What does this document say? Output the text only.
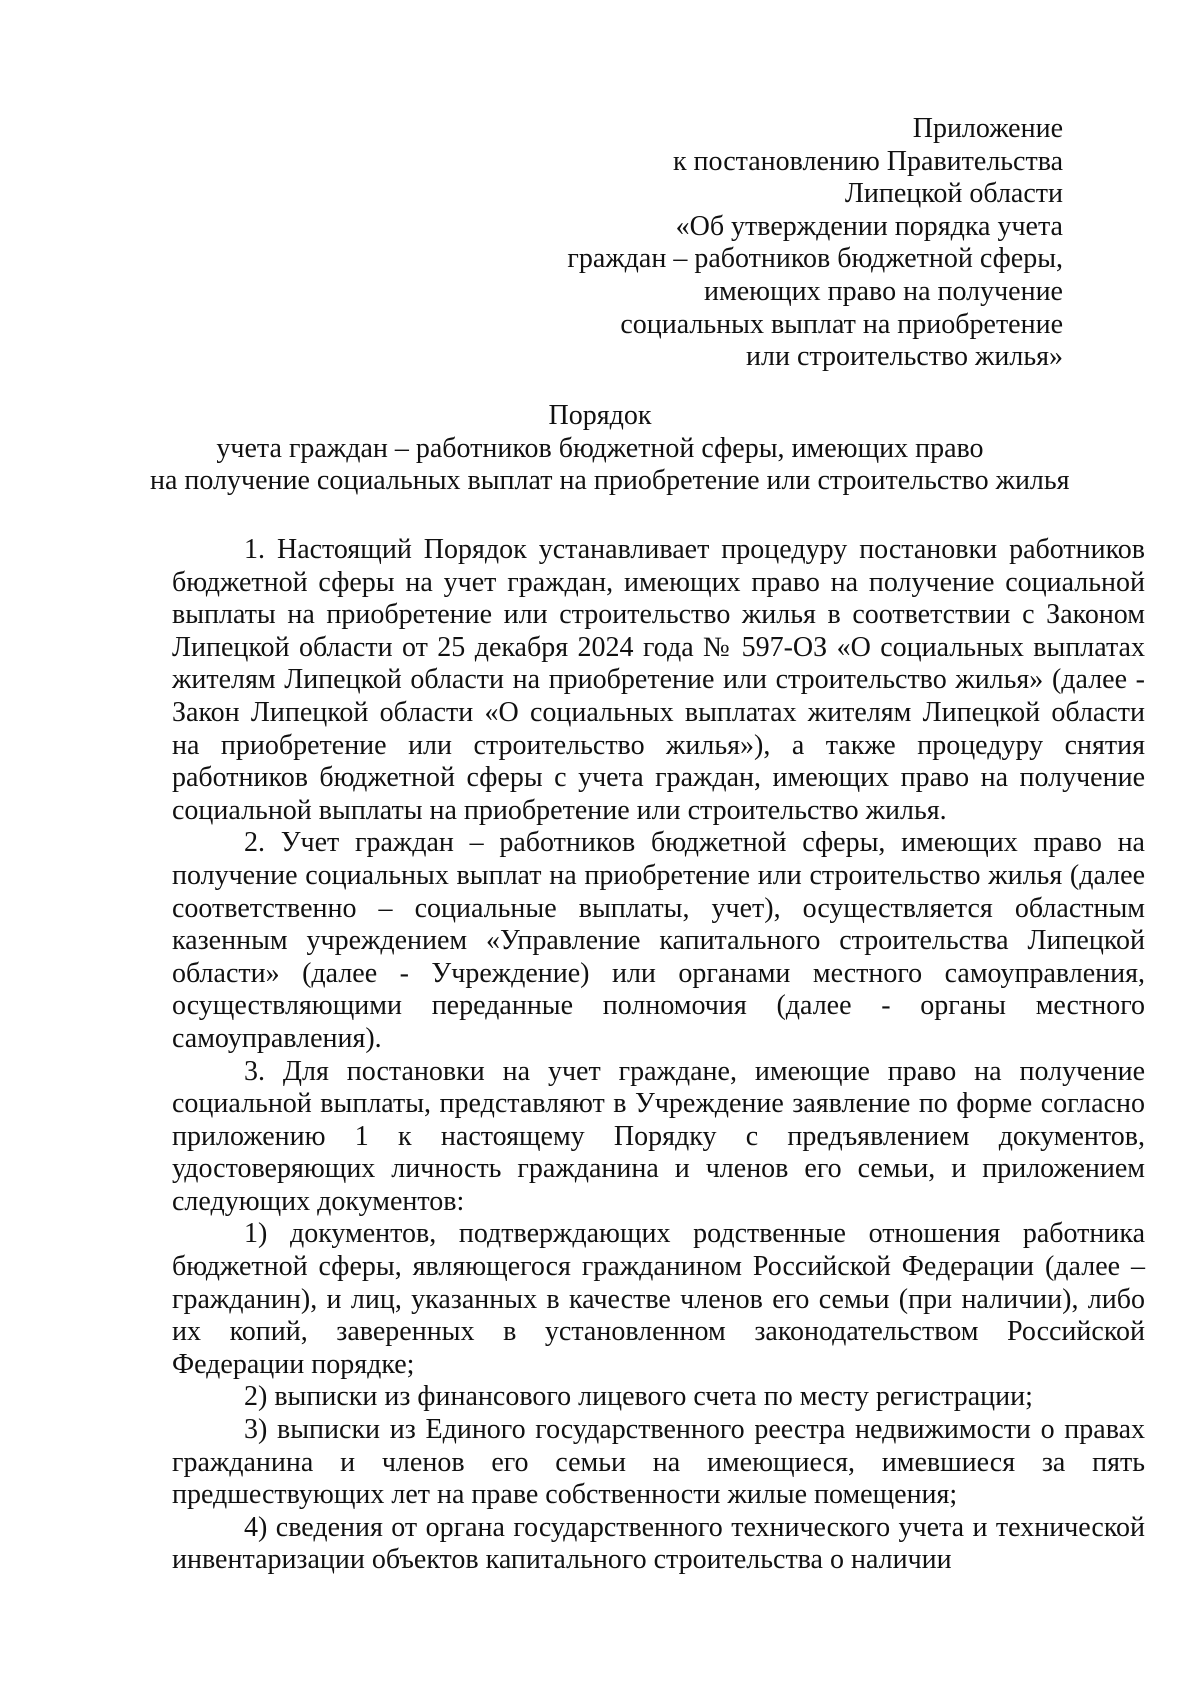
Приложение
к постановлению Правительства
Липецкой области
«Об утверждении порядка учета
граждан – работников бюджетной сферы,
имеющих право на получение
социальных выплат на приобретение
или строительство жилья»
Порядок
учета граждан – работников бюджетной сферы, имеющих право
на получение социальных выплат на приобретение или строительство жилья

1. Настоящий Порядок устанавливает процедуру постановки работников бюджетной сферы на учет граждан, имеющих право на получение социальной выплаты на приобретение или строительство жилья в соответствии с Законом Липецкой области от 25 декабря 2024 года № 597-ОЗ «О социальных выплатах жителям Липецкой области на приобретение или строительство жилья» (далее - Закон Липецкой области «О социальных выплатах жителям Липецкой области на приобретение или строительство жилья»), а также процедуру снятия работников бюджетной сферы с учета граждан, имеющих право на получение социальной выплаты на приобретение или строительство жилья.

2. Учет граждан – работников бюджетной сферы, имеющих право на получение социальных выплат на приобретение или строительство жилья (далее соответственно – социальные выплаты, учет), осуществляется областным казенным учреждением «Управление капитального строительства Липецкой области» (далее - Учреждение) или органами местного самоуправления, осуществляющими переданные полномочия (далее - органы местного самоуправления).

3. Для постановки на учет граждане, имеющие право на получение социальной выплаты, представляют в Учреждение заявление по форме согласно приложению 1 к настоящему Порядку с предъявлением документов, удостоверяющих личность гражданина и членов его семьи, и приложением следующих документов:

1) документов, подтверждающих родственные отношения работника бюджетной сферы, являющегося гражданином Российской Федерации (далее – гражданин), и лиц, указанных в качестве членов его семьи (при наличии), либо их копий, заверенных в установленном законодательством Российской Федерации порядке;

2) выписки из финансового лицевого счета по месту регистрации;

3) выписки из Единого государственного реестра недвижимости о правах гражданина и членов его семьи на имеющиеся, имевшиеся за пять предшествующих лет на праве собственности жилые помещения;

4) сведения от органа государственного технического учета и технической инвентаризации объектов капитального строительства о наличии
